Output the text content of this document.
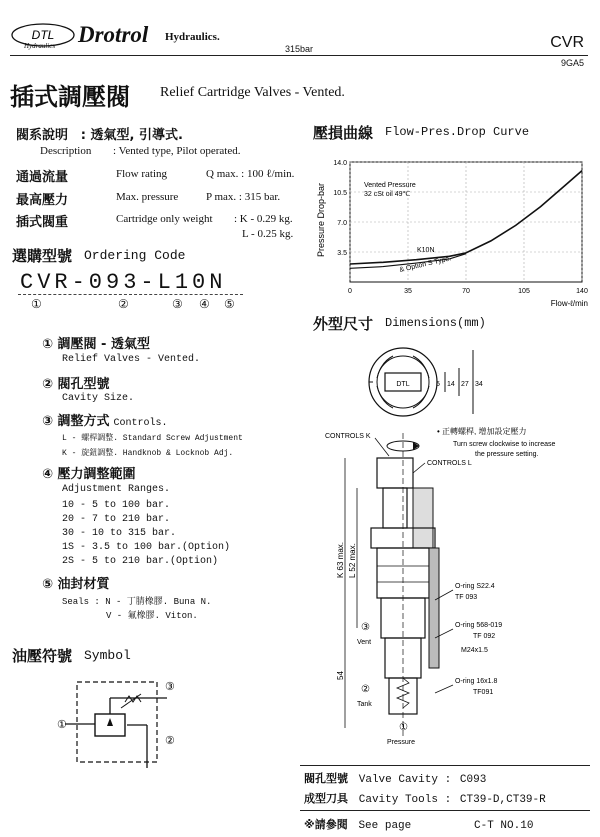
DTL
Hydraulics Drotrol Hydraulics.
315bar	CVR
9GA5
插式調壓閥 Relief Cartridge Valves - Vented.
閥系說明 : 透氣型, 引導式.
Description : Vented type, Pilot operated.
通過流量	Flow rating	Q max. : 100 ℓ/min.
最高壓力	Max. pressure	P max. : 315 bar.
插式閥重	Cartridge only weight : K - 0.29 kg.
L - 0.25 kg.
選購型號 Ordering Code
CVR-093-L10N
①	②	③ ④ ⑤
① 調壓閥 - 透氣型
Relief Valves - Vented.
② 閥孔型號
Cavity Size.
③ 調整方式 Controls.
L - 螺桿調整. Standard Screw Adjustment
K - 旋鈕調整. Handknob & Locknob Adj.
④ 壓力調整範圍
Adjustment Ranges.
10 - 5 to 100 bar.
20 - 7 to 210 bar.
30 - 10 to 315 bar.
1S - 3.5 to 100 bar.(Option)
2S - 5 to 210 bar.(Option)
⑤ 油封材質
Seals : N - 丁腈橡膠. Buna N.
V - 氟橡膠. Viton.
油壓符號 Symbol
①
③
②
壓損曲線 Flow-Pres.Drop Curve
Pressure Drop-bar
Flow-ℓ/min
Vented Pressure
32 cSt oil 49℃
K10N
& Option S Type.
0	35	70	105	140
3.5
7.0
10.5
14.0
外型尺寸 Dimensions(mm)
DTL	14 27 34
5
CONTROLS K
CONTROLS L
• 正轉螺桿, 增加設定壓力
Turn screw clockwise to increase
the pressure setting.
K 63 max. L 52 max.
54
O-ring S22.4
TF 093
O-ring 568-019
TF 092
M24x1.5
O-ring 16x1.8
TF091
③
Vent
②
Tank
①
Pressure
閥孔型號 Valve Cavity : C093
成型刀具 Cavity Tools : CT39-D,CT39-R
※請參閱 See page	C-T NO.10
